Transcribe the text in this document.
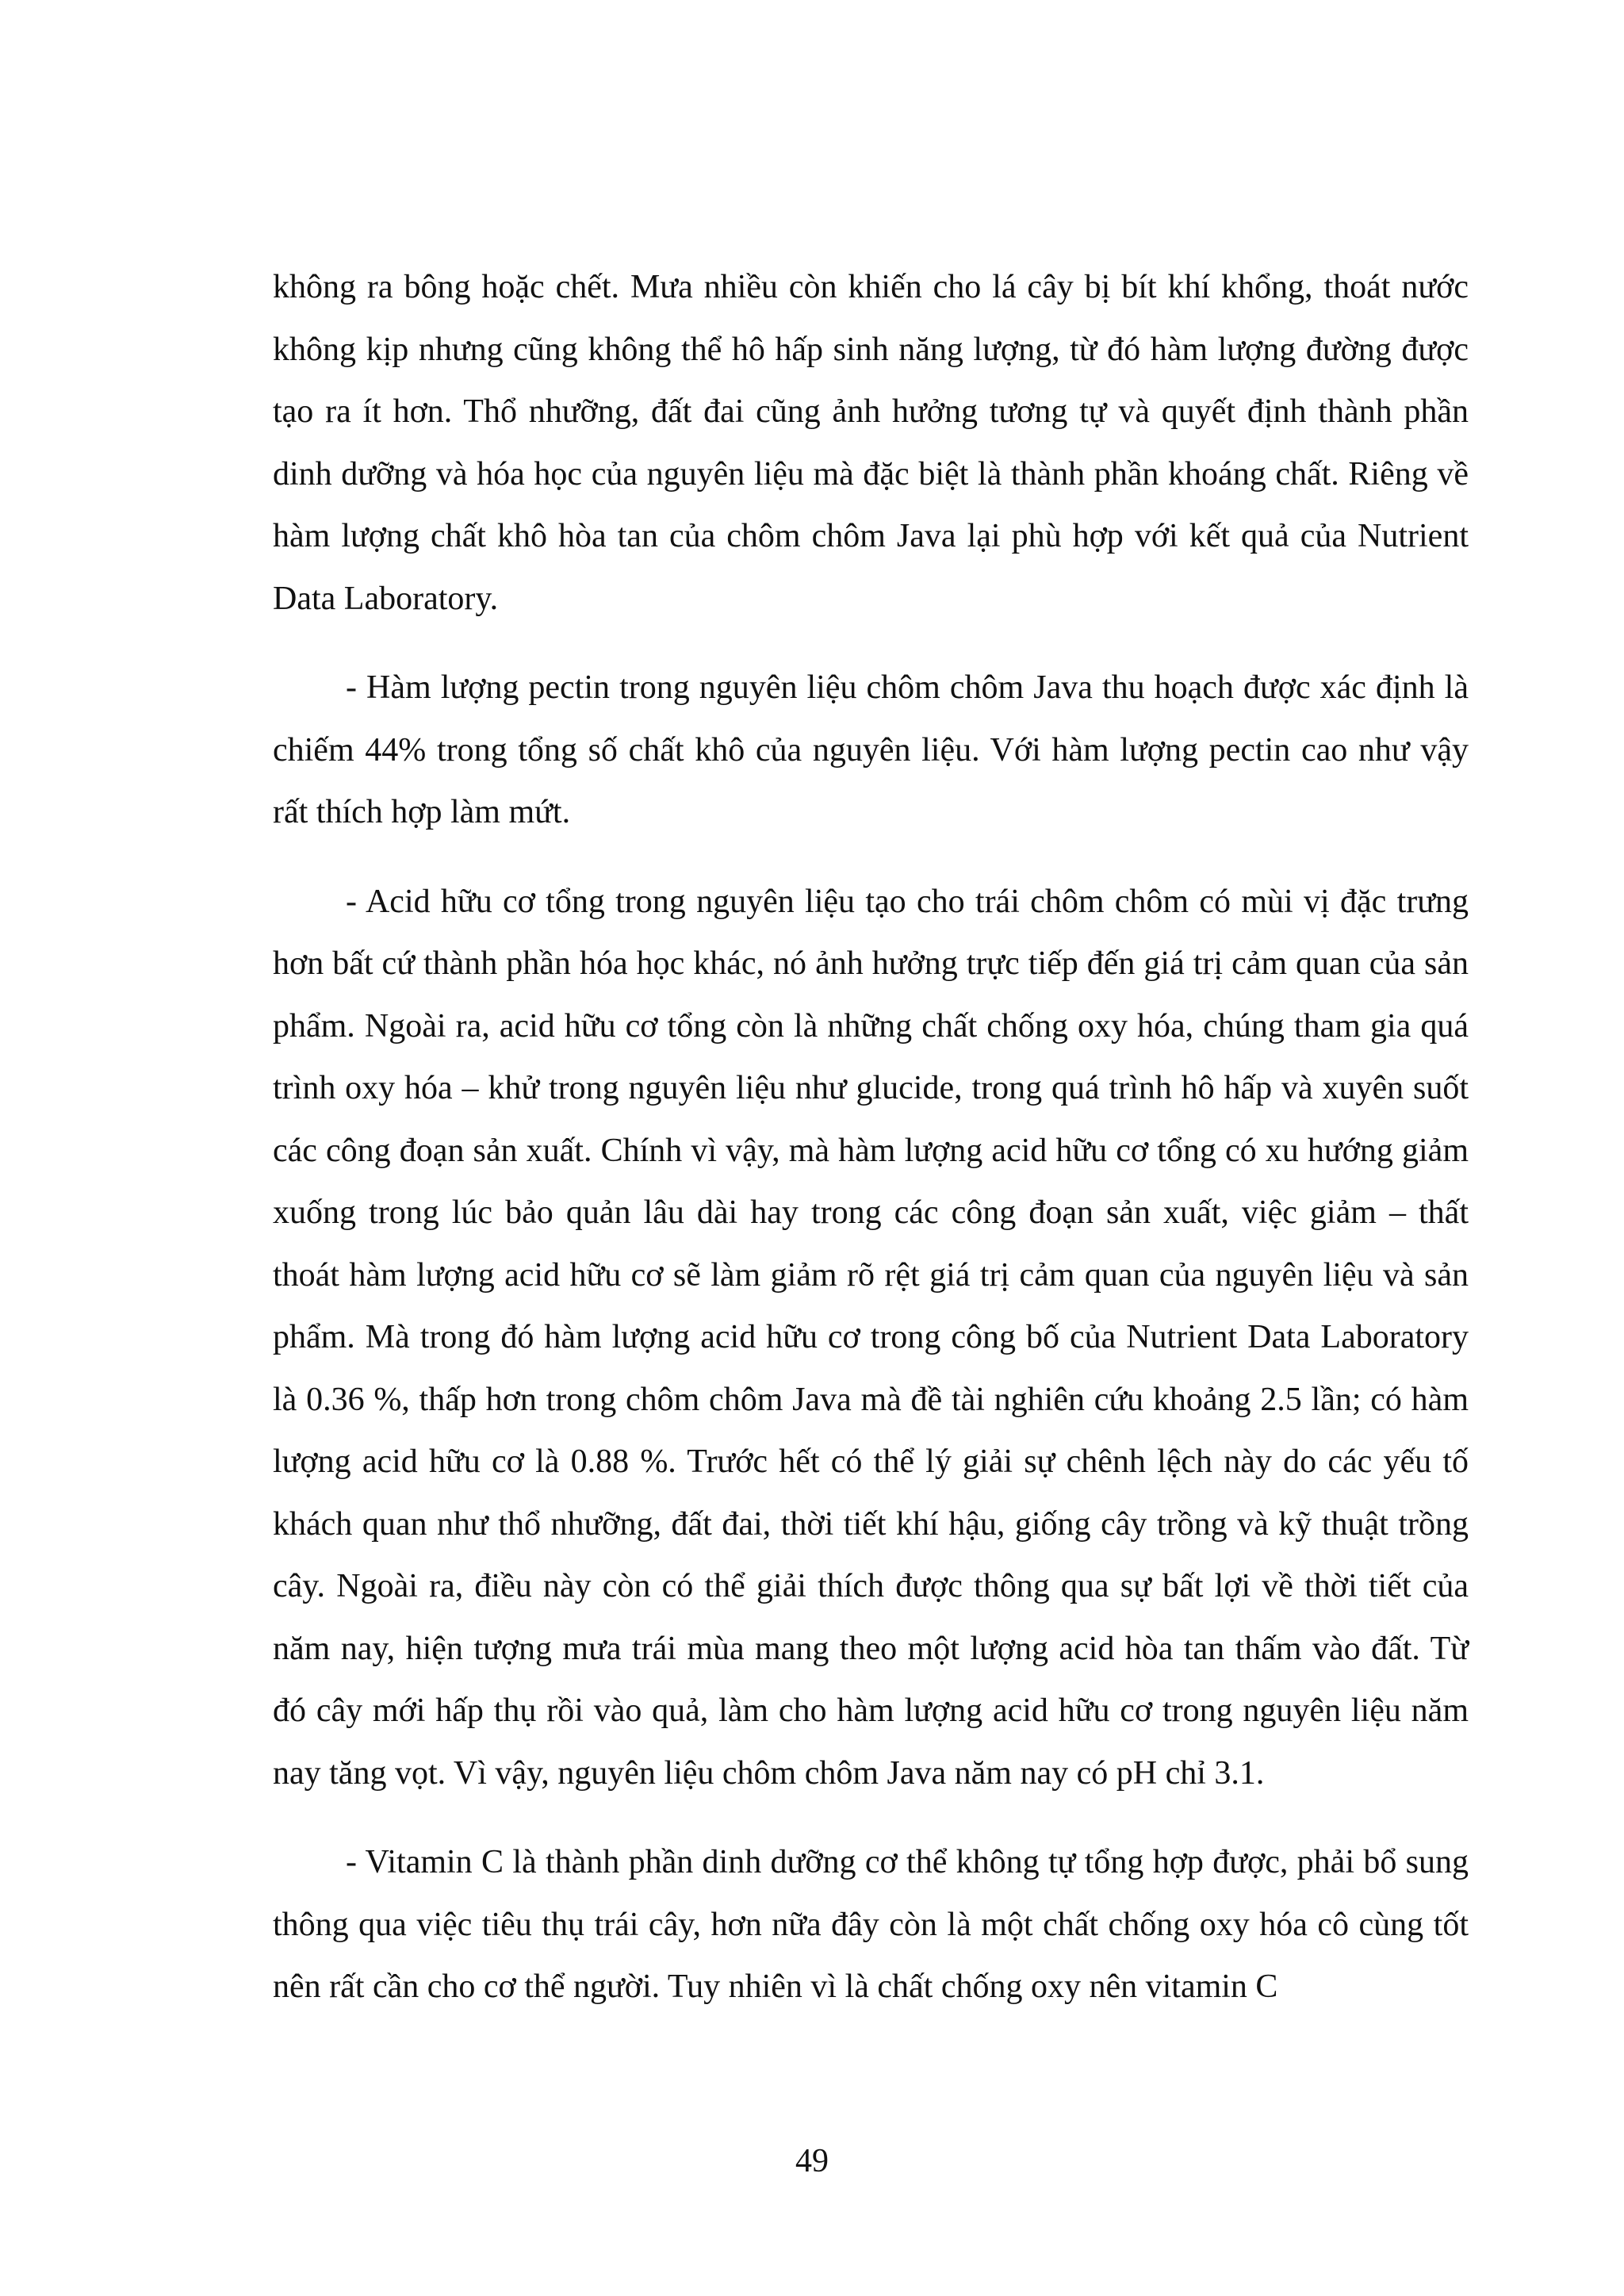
không ra bông hoặc chết. Mưa nhiều còn khiến cho lá cây bị bít khí khổng, thoát nước không kịp nhưng cũng không thể hô hấp sinh năng lượng, từ đó hàm lượng đường được tạo ra ít hơn. Thổ nhưỡng, đất đai cũng ảnh hưởng tương tự và quyết định thành phần dinh dưỡng và hóa học của nguyên liệu mà đặc biệt là thành phần khoáng chất. Riêng về hàm lượng chất khô hòa tan của chôm chôm Java lại phù hợp với kết quả của Nutrient Data Laboratory.

- Hàm lượng pectin trong nguyên liệu chôm chôm Java thu hoạch được xác định là chiếm 44% trong tổng số chất khô của nguyên liệu. Với hàm lượng pectin cao như vậy rất thích hợp làm mứt.

- Acid hữu cơ tổng trong nguyên liệu tạo cho trái chôm chôm có mùi vị đặc trưng hơn bất cứ thành phần hóa học khác, nó ảnh hưởng trực tiếp đến giá trị cảm quan của sản phẩm. Ngoài ra, acid hữu cơ tổng còn là những chất chống oxy hóa, chúng tham gia quá trình oxy hóa – khử trong nguyên liệu như glucide, trong quá trình hô hấp và xuyên suốt các công đoạn sản xuất. Chính vì vậy, mà hàm lượng acid hữu cơ tổng có xu hướng giảm xuống trong lúc bảo quản lâu dài hay trong các công đoạn sản xuất, việc giảm – thất thoát hàm lượng acid hữu cơ sẽ làm giảm rõ rệt giá trị cảm quan của nguyên liệu và sản phẩm. Mà trong đó hàm lượng acid hữu cơ trong công bố của Nutrient Data Laboratory là 0.36 %, thấp hơn trong chôm chôm Java mà đề tài nghiên cứu khoảng 2.5 lần; có hàm lượng acid hữu cơ là 0.88 %. Trước hết có thể lý giải sự chênh lệch này do các yếu tố khách quan như thổ nhưỡng, đất đai, thời tiết khí hậu, giống cây trồng và kỹ thuật trồng cây. Ngoài ra, điều này còn có thể giải thích được thông qua sự bất lợi về thời tiết của năm nay, hiện tượng mưa trái mùa mang theo một lượng acid hòa tan thấm vào đất. Từ đó cây mới hấp thụ rồi vào quả, làm cho hàm lượng acid hữu cơ trong nguyên liệu năm nay tăng vọt. Vì vậy, nguyên liệu chôm chôm Java năm nay có pH chỉ 3.1.

- Vitamin C là thành phần dinh dưỡng cơ thể không tự tổng hợp được, phải bổ sung thông qua việc tiêu thụ trái cây, hơn nữa đây còn là một chất chống oxy hóa cô cùng tốt nên rất cần cho cơ thể người. Tuy nhiên vì là chất chống oxy nên vitamin C

49
